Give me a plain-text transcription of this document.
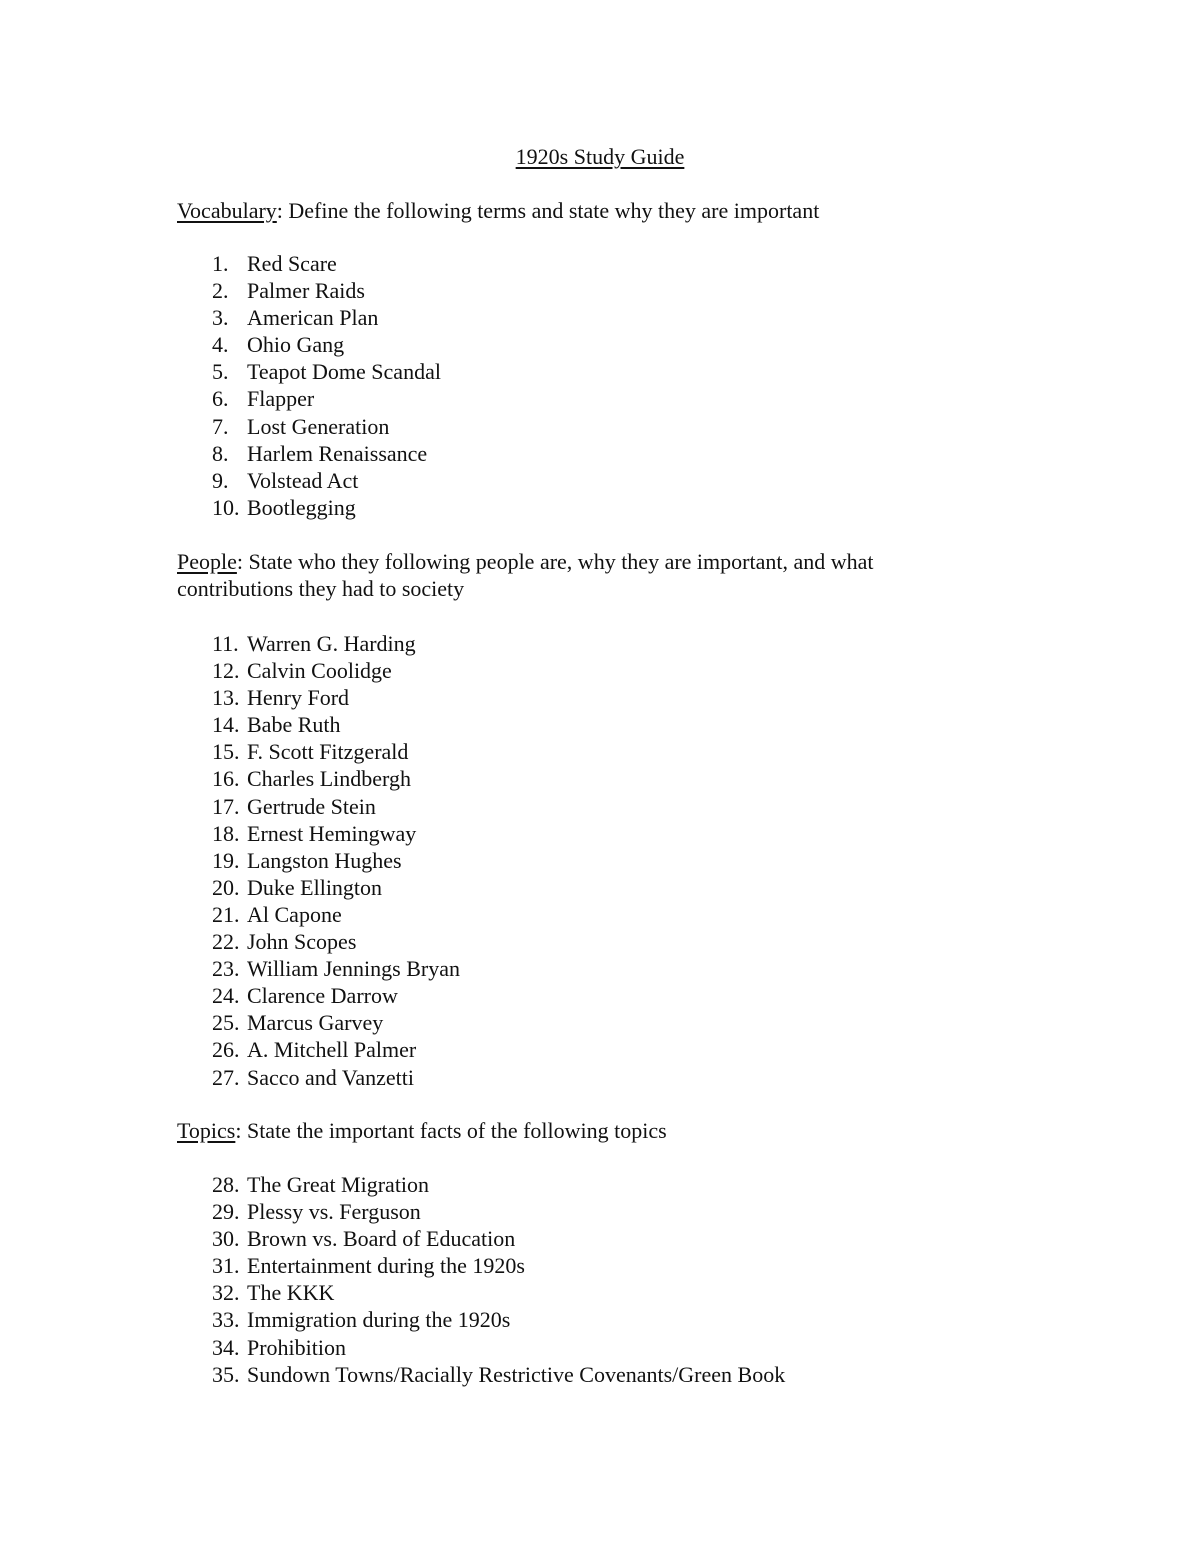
1920s Study Guide

Vocabulary: Define the following terms and state why they are important

1. Red Scare
2. Palmer Raids
3. American Plan
4. Ohio Gang
5. Teapot Dome Scandal
6. Flapper
7. Lost Generation
8. Harlem Renaissance
9. Volstead Act
10. Bootlegging

People: State who they following people are, why they are important, and what contributions they had to society

11. Warren G. Harding
12. Calvin Coolidge
13. Henry Ford
14. Babe Ruth
15. F. Scott Fitzgerald
16. Charles Lindbergh
17. Gertrude Stein
18. Ernest Hemingway
19. Langston Hughes
20. Duke Ellington
21. Al Capone
22. John Scopes
23. William Jennings Bryan
24. Clarence Darrow
25. Marcus Garvey
26. A. Mitchell Palmer
27. Sacco and Vanzetti

Topics: State the important facts of the following topics

28. The Great Migration
29. Plessy vs. Ferguson
30. Brown vs. Board of Education
31. Entertainment during the 1920s
32. The KKK
33. Immigration during the 1920s
34. Prohibition
35. Sundown Towns/Racially Restrictive Covenants/Green Book
